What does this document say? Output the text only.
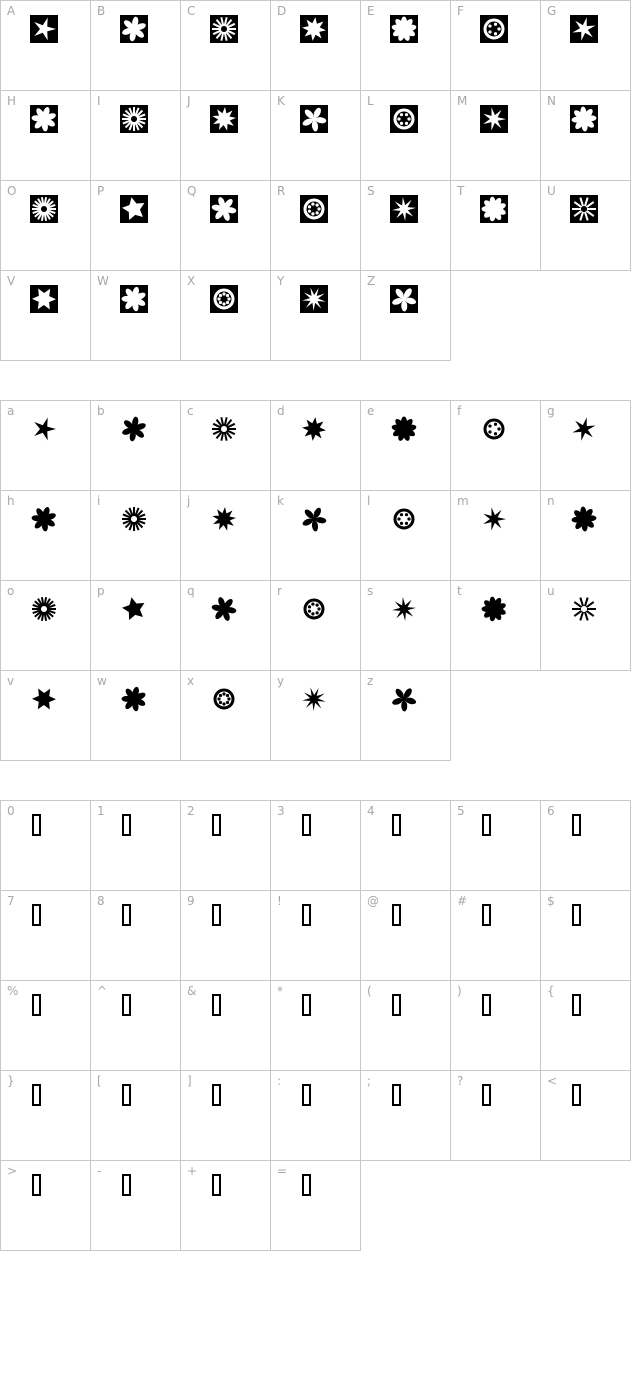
A	B	C	D	E	F	G
H	I	J	K	L	M	N
O	P	Q	R	S	T	U
V	W	X	Y	Z
a	b	c	d	e	f	g
h	i	j	k	l	m	n
o	p	q	r	s	t	u
v	w	x	y	z
0	1	2	3	4	5	6
7	8	9	!	@	#	$
%	^	&	*	(	)	{
}	[	]	:	;	?	<
>	-	+	=
